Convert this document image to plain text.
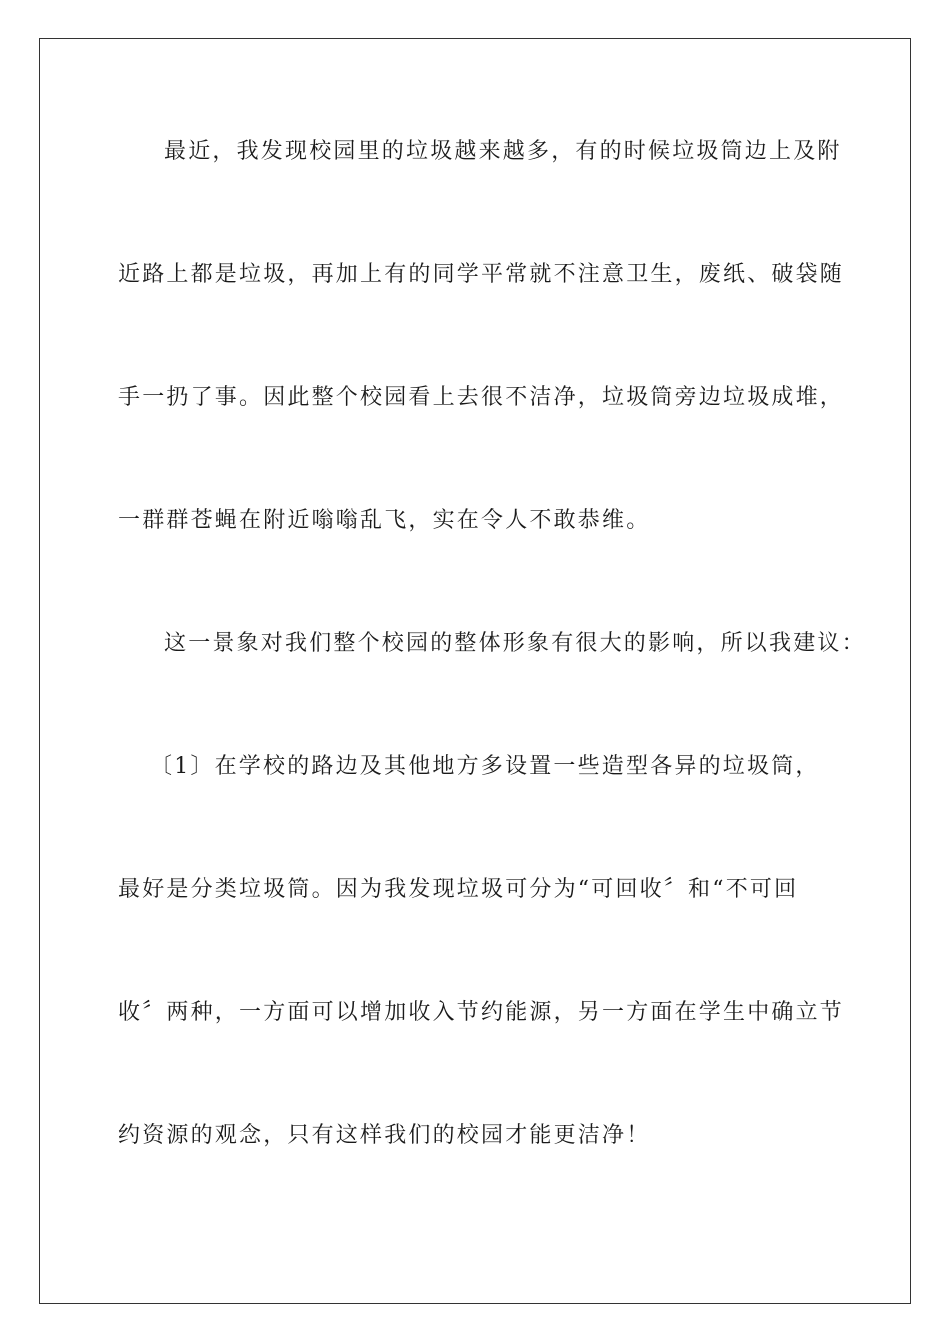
最近，我发现校园里的垃圾越来越多，有的时候垃圾筒边上及附
近路上都是垃圾，再加上有的同学平常就不注意卫生，废纸、破袋随
手一扔了事。因此整个校园看上去很不洁净，垃圾筒旁边垃圾成堆，
一群群苍蝇在附近嗡嗡乱飞，实在令人不敢恭维。
这一景象对我们整个校园的整体形象有很大的影响，所以我建议：
〔1〕在学校的路边及其他地方多设置一些造型各异的垃圾筒，
最好是分类垃圾筒。因为我发现垃圾可分为“可回收〞和“不可回
收〞两种，一方面可以增加收入节约能源，另一方面在学生中确立节
约资源的观念，只有这样我们的校园才能更洁净！
